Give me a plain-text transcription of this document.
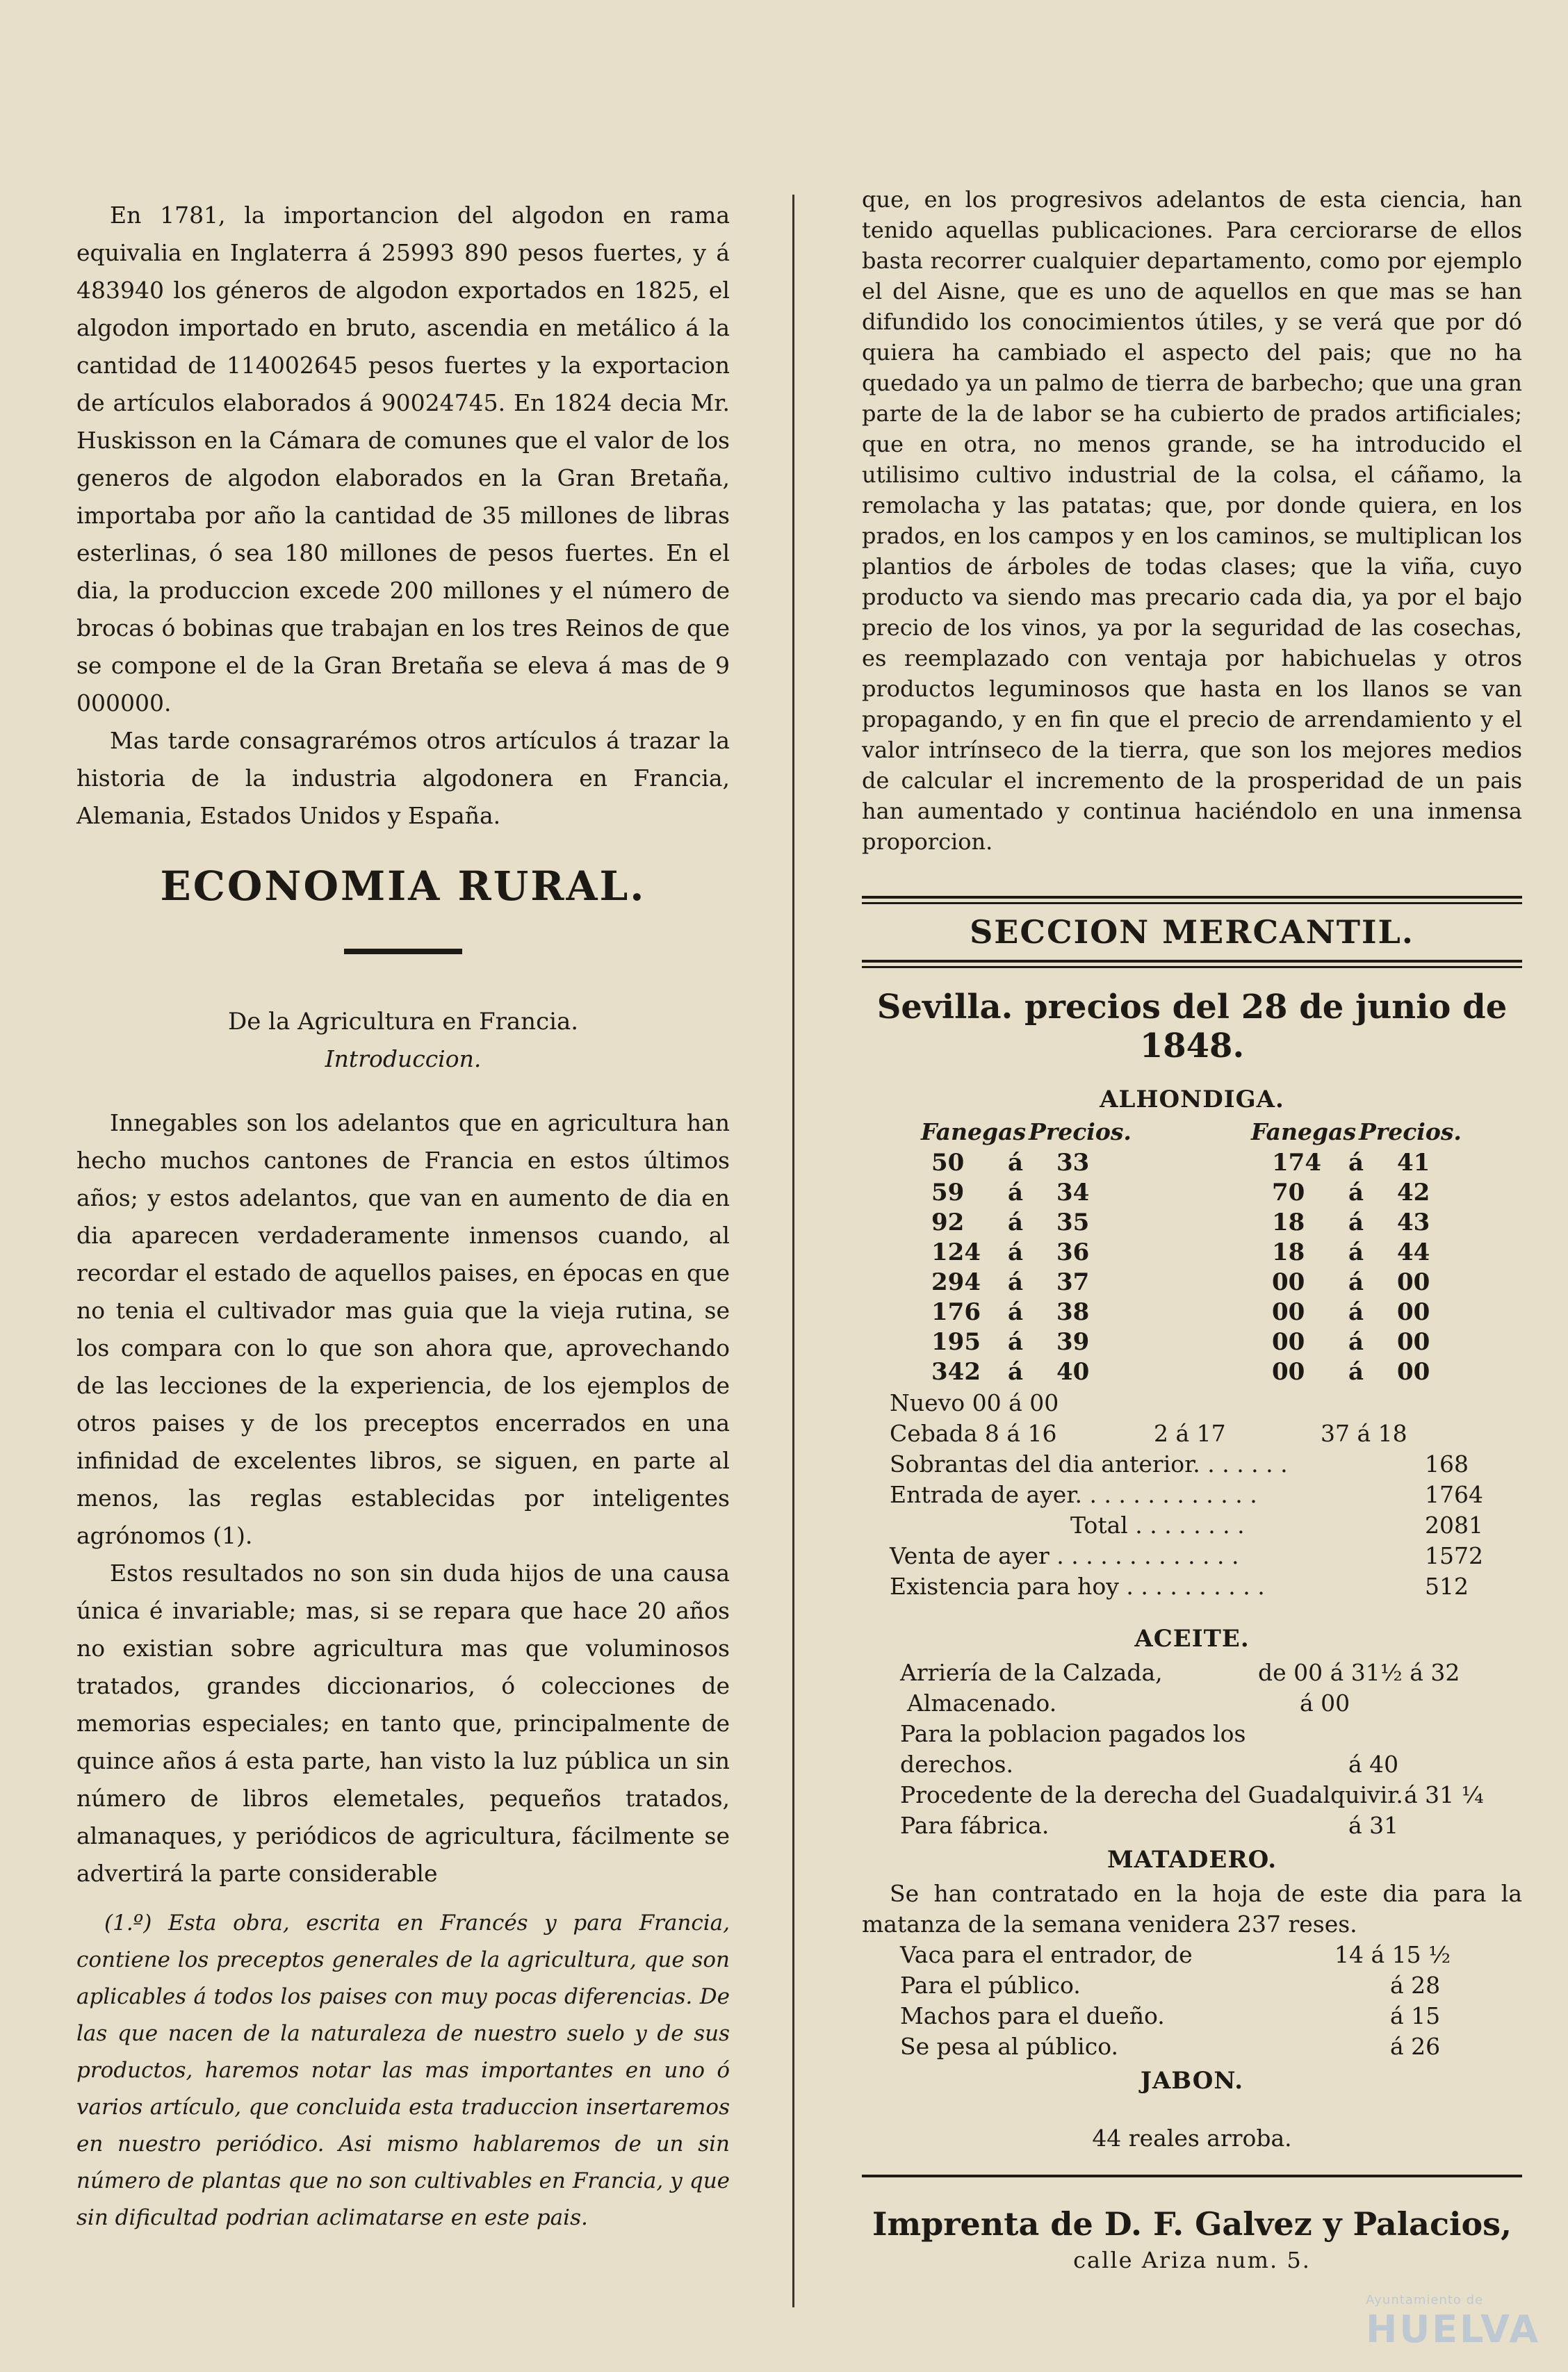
En 1781, la importancion del algodon en rama equivalia en Inglaterra á 25993 890 pesos fuertes, y á 483940 los géneros de algodon exportados en 1825, el algodon importado en bruto, ascendia en metálico á la cantidad de 114002645 pesos fuertes y la exportacion de artículos elaborados á 90024745. En 1824 decia Mr. Huskisson en la Cámara de comunes que el valor de los generos de algodon elaborados en la Gran Bretaña, importaba por año la cantidad de 35 millones de libras esterlinas, ó sea 180 millones de pesos fuertes. En el dia, la produccion excede 200 millones y el número de brocas ó bobinas que trabajan en los tres Reinos de que se compone el de la Gran Bretaña se eleva á mas de 9 000000.

Mas tarde consagrarémos otros artículos á trazar la historia de la industria algodonera en Francia, Alemania, Estados Unidos y España.

ECONOMIA RURAL.
De la Agricultura en Francia.
Introduccion.

Innegables son los adelantos que en agricultura han hecho muchos cantones de Francia en estos últimos años; y estos adelantos, que van en aumento de dia en dia aparecen verdaderamente inmensos cuando, al recordar el estado de aquellos paises, en épocas en que no tenia el cultivador mas guia que la vieja rutina, se los compara con lo que son ahora que, aprovechando de las lecciones de la experiencia, de los ejemplos de otros paises y de los preceptos encerrados en una infinidad de excelentes libros, se siguen, en parte al menos, las reglas establecidas por inteligentes agrónomos (1).

Estos resultados no son sin duda hijos de una causa única é invariable; mas, si se repara que hace 20 años no existian sobre agricultura mas que voluminosos tratados, grandes diccionarios, ó colecciones de memorias especiales; en tanto que, principalmente de quince años á esta parte, han visto la luz pública un sin número de libros elemetales, pequeños tratados, almanaques, y periódicos de agricultura, fácilmente se advertirá la parte considerable

(1.º) Esta obra, escrita en Francés y para Francia, contiene los preceptos generales de la agricultura, que son aplicables á todos los paises con muy pocas diferencias. De las que nacen de la naturaleza de nuestro suelo y de sus productos, haremos notar las mas importantes en uno ó varios artículo, que concluida esta traduccion insertaremos en nuestro periódico. Asi mismo hablaremos de un sin número de plantas que no son cultivables en Francia, y que sin dificultad podrian aclimatarse en este pais.

que, en los progresivos adelantos de esta ciencia, han tenido aquellas publicaciones. Para cerciorarse de ellos basta recorrer cualquier departamento, como por ejemplo el del Aisne, que es uno de aquellos en que mas se han difundido los conocimientos útiles, y se verá que por dó quiera ha cambiado el aspecto del pais; que no ha quedado ya un palmo de tierra de barbecho; que una gran parte de la de labor se ha cubierto de prados artificiales; que en otra, no menos grande, se ha introducido el utilisimo cultivo industrial de la colsa, el cáñamo, la remolacha y las patatas; que, por donde quiera, en los prados, en los campos y en los caminos, se multiplican los plantios de árboles de todas clases; que la viña, cuyo producto va siendo mas precario cada dia, ya por el bajo precio de los vinos, ya por la seguridad de las cosechas, es reemplazado con ventaja por habichuelas y otros productos leguminosos que hasta en los llanos se van propagando, y en fin que el precio de arrendamiento y el valor intrínseco de la tierra, que son los mejores medios de calcular el incremento de la prosperidad de un pais han aumentado y continua haciéndolo en una inmensa proporcion.

SECCION MERCANTIL.
Sevilla. precios del 28 de junio de 1848.
ALHONDIGA.
Fanegas Precios.	Fanegas Precios.
50 á 33	174 á 41
59 á 34	70 á 42
92 á 35	18 á 43
124 á 36	18 á 44
294 á 37	00 á 00
176 á 38	00 á 00
195 á 39	00 á 00
342 á 40	00 á 00
Nuevo 00 á 00
Cebada 8 á 16	2 á 17	37 á 18
Sobrantas del dia anterior. . . . . . .	168
Entrada de ayer. . . . . . . . . . . . .	1764
Total . . . . . . . .	2081
Venta de ayer . . . . . . . . . . . . .	1572
Existencia para hoy . . . . . . . . . .	512
ACEITE.
Arriería de la Calzada,	de 00 á 31½ á 32
Almacenado.	á 00
Para la poblacion pagados los
derechos.	á 40
Procedente de la derecha del Guadalquivir. á 31 ¼
Para fábrica.	á 31
MATADERO.

Se han contratado en la hoja de este dia para la matanza de la semana venidera 237 reses.

Vaca para el entrador, de	14 á 15 ½
Para el público.	á 28
Machos para el dueño.	á 15
Se pesa al público.	á 26
JABON.
44 reales arroba.
Imprenta de D. F. Galvez y Palacios,
calle Ariza num. 5.
Ayuntamiento de
HUELVA
